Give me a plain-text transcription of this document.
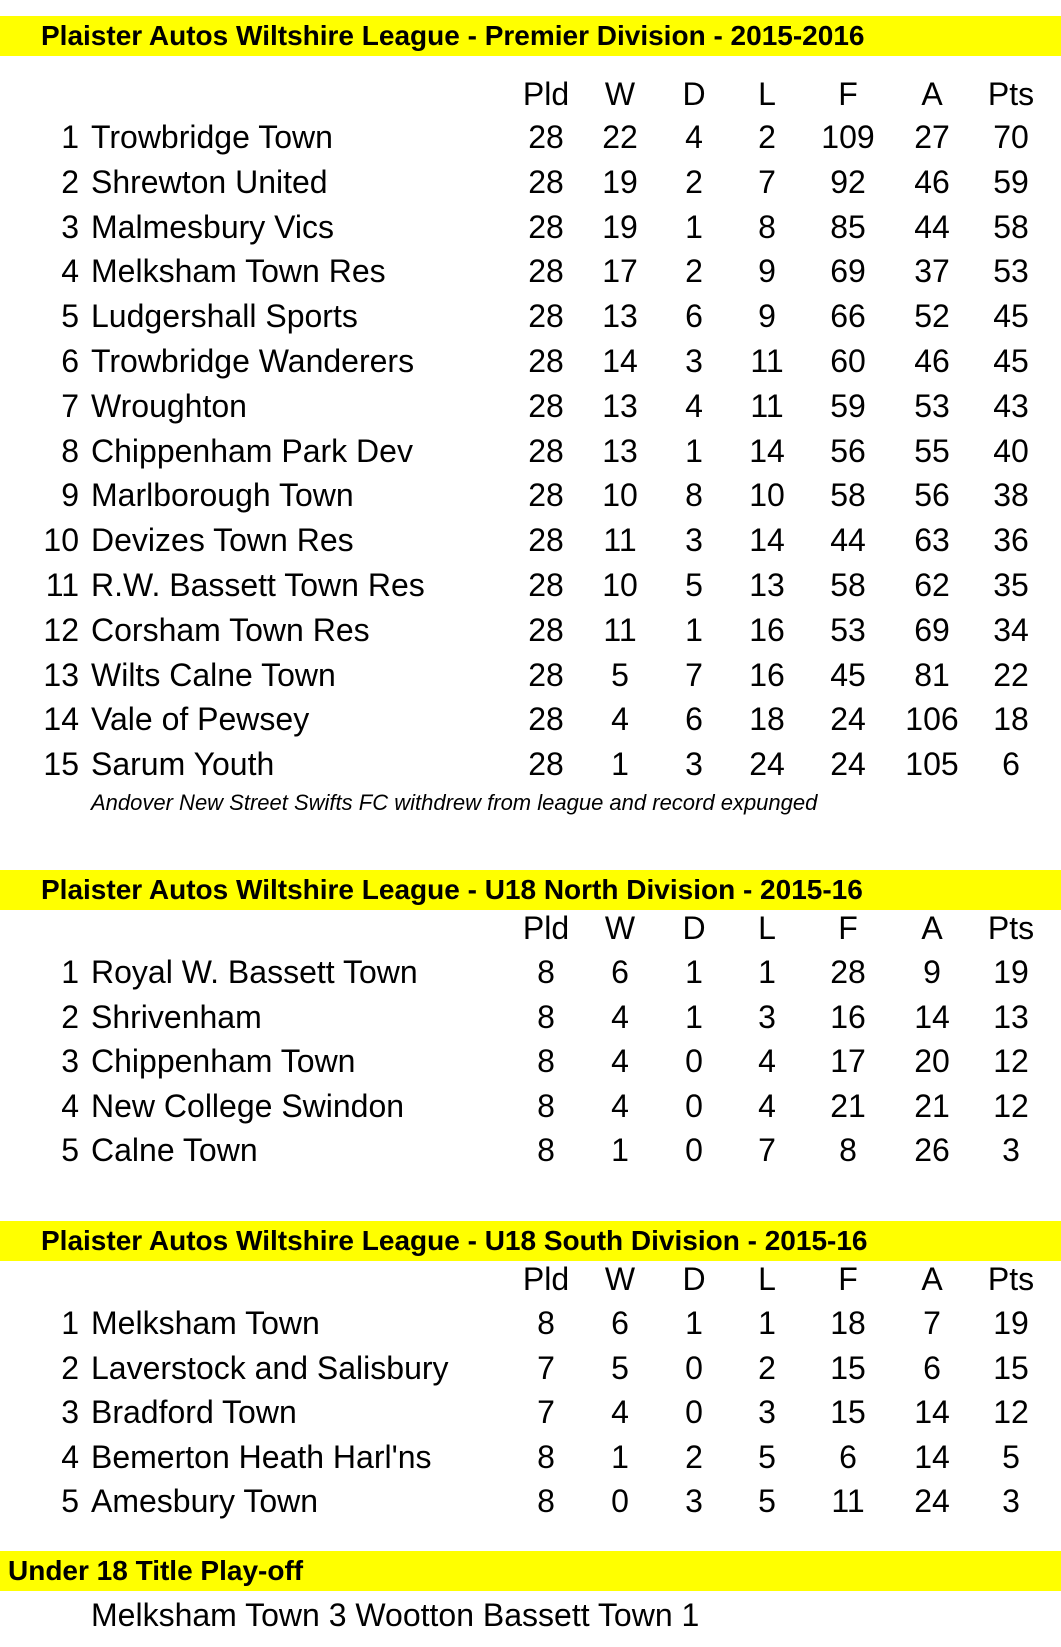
Plaister Autos Wiltshire League - Premier Division - 2015-2016
Pld	W	D	L	F	A	Pts
1 Trowbridge Town	28	22	4	2	109	27	70
2 Shrewton United	28	19	2	7	92	46	59
3 Malmesbury Vics	28	19	1	8	85	44	58
4 Melksham Town Res	28	17	2	9	69	37	53
5 Ludgershall Sports	28	13	6	9	66	52	45
6 Trowbridge Wanderers	28	14	3	11	60	46	45
7 Wroughton	28	13	4	11	59	53	43
8 Chippenham Park Dev	28	13	1	14	56	55	40
9 Marlborough Town	28	10	8	10	58	56	38
10 Devizes Town Res	28	11	3	14	44	63	36
11 R.W. Bassett Town Res	28	10	5	13	58	62	35
12 Corsham Town Res	28	11	1	16	53	69	34
13 Wilts Calne Town	28	5	7	16	45	81	22
14 Vale of Pewsey	28	4	6	18	24	106	18
15 Sarum Youth	28	1	3	24	24	105	6
Andover New Street Swifts FC withdrew from league and record expunged
Plaister Autos Wiltshire League - U18 North Division - 2015-16
Pld	W	D	L	F	A	Pts
1 Royal W. Bassett Town	8	6	1	1	28	9	19
2 Shrivenham	8	4	1	3	16	14	13
3 Chippenham Town	8	4	0	4	17	20	12
4 New College Swindon	8	4	0	4	21	21	12
5 Calne Town	8	1	0	7	8	26	3
Plaister Autos Wiltshire League - U18 South Division - 2015-16
Pld	W	D	L	F	A	Pts
1 Melksham Town	8	6	1	1	18	7	19
2 Laverstock and Salisbury	7	5	0	2	15	6	15
3 Bradford Town	7	4	0	3	15	14	12
4 Bemerton Heath Harl'ns	8	1	2	5	6	14	5
5 Amesbury Town	8	0	3	5	11	24	3
Under 18 Title Play-off
Melksham Town 3 Wootton Bassett Town 1
